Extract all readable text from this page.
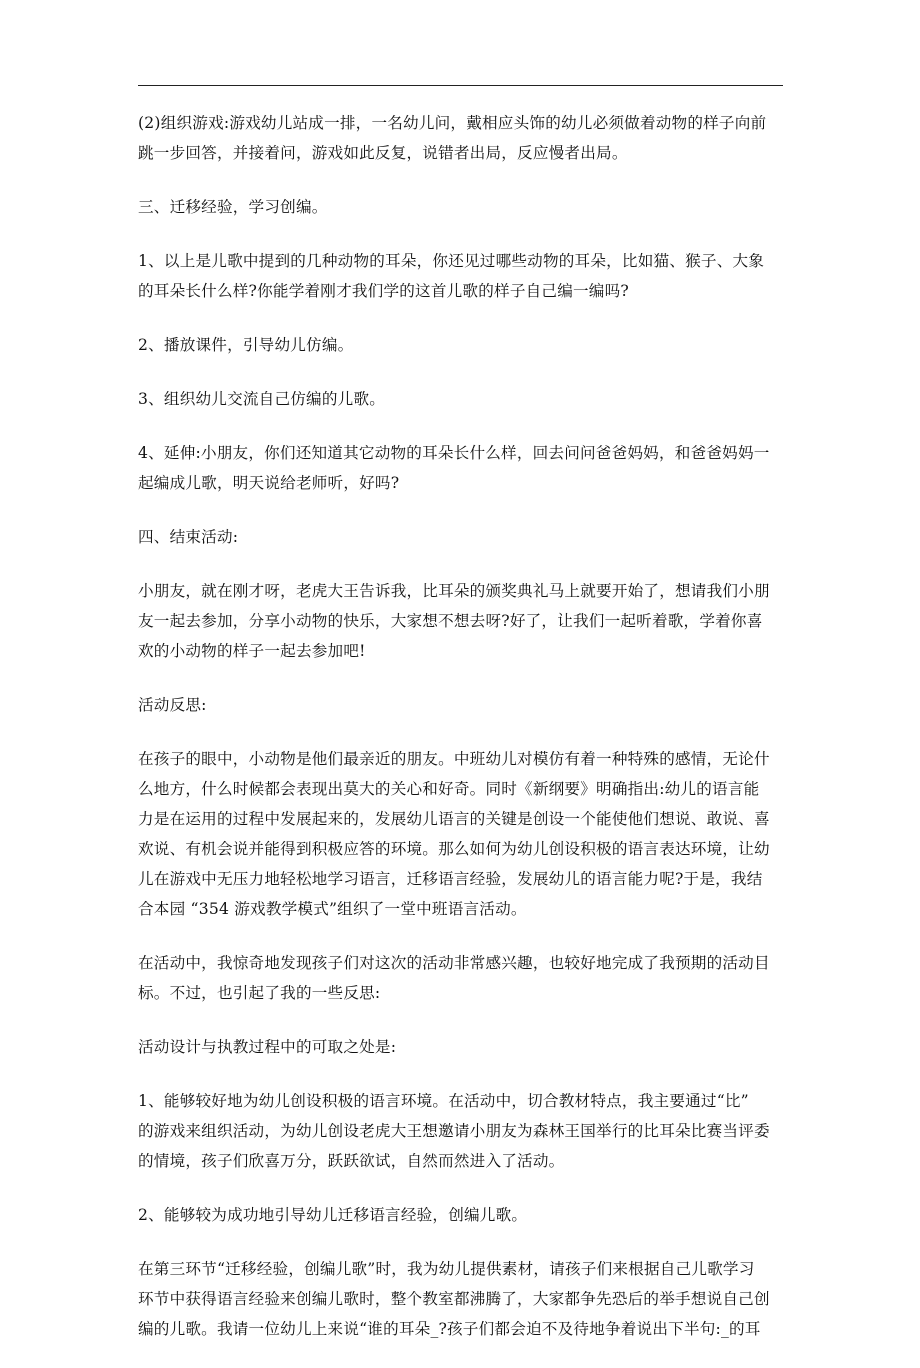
(2)组织游戏:游戏幼儿站成一排，一名幼儿问，戴相应头饰的幼儿必须做着动物的样子向前
跳一步回答，并接着问，游戏如此反复，说错者出局，反应慢者出局。

三、迁移经验，学习创编。

1、以上是儿歌中提到的几种动物的耳朵，你还见过哪些动物的耳朵，比如猫、猴子、大象
的耳朵长什么样?你能学着刚才我们学的这首儿歌的样子自己编一编吗?

2、播放课件，引导幼儿仿编。

3、组织幼儿交流自己仿编的儿歌。

4、延伸:小朋友，你们还知道其它动物的耳朵长什么样，回去问问爸爸妈妈，和爸爸妈妈一
起编成儿歌，明天说给老师听，好吗?

四、结束活动:

小朋友，就在刚才呀，老虎大王告诉我，比耳朵的颁奖典礼马上就要开始了，想请我们小朋
友一起去参加，分享小动物的快乐，大家想不想去呀?好了，让我们一起听着歌，学着你喜
欢的小动物的样子一起去参加吧!

活动反思:

在孩子的眼中，小动物是他们最亲近的朋友。中班幼儿对模仿有着一种特殊的感情，无论什
么地方，什么时候都会表现出莫大的关心和好奇。同时《新纲要》明确指出:幼儿的语言能
力是在运用的过程中发展起来的，发展幼儿语言的关键是创设一个能使他们想说、敢说、喜
欢说、有机会说并能得到积极应答的环境。那么如何为幼儿创设积极的语言表达环境，让幼
儿在游戏中无压力地轻松地学习语言，迁移语言经验，发展幼儿的语言能力呢?于是，我结
合本园 “354 游戏教学模式”组织了一堂中班语言活动。

在活动中，我惊奇地发现孩子们对这次的活动非常感兴趣，也较好地完成了我预期的活动目
标。不过，也引起了我的一些反思:

活动设计与执教过程中的可取之处是:

1、能够较好地为幼儿创设积极的语言环境。在活动中，切合教材特点，我主要通过“比”
的游戏来组织活动，为幼儿创设老虎大王想邀请小朋友为森林王国举行的比耳朵比赛当评委
的情境，孩子们欣喜万分，跃跃欲试，自然而然进入了活动。

2、能够较为成功地引导幼儿迁移语言经验，创编儿歌。

在第三环节“迁移经验，创编儿歌”时，我为幼儿提供素材，请孩子们来根据自己儿歌学习
环节中获得语言经验来创编儿歌时，整个教室都沸腾了，大家都争先恐后的举手想说自己创
编的儿歌。我请一位幼儿上来说“谁的耳朵_?孩子们都会迫不及待地争着说出下半句:_的耳
